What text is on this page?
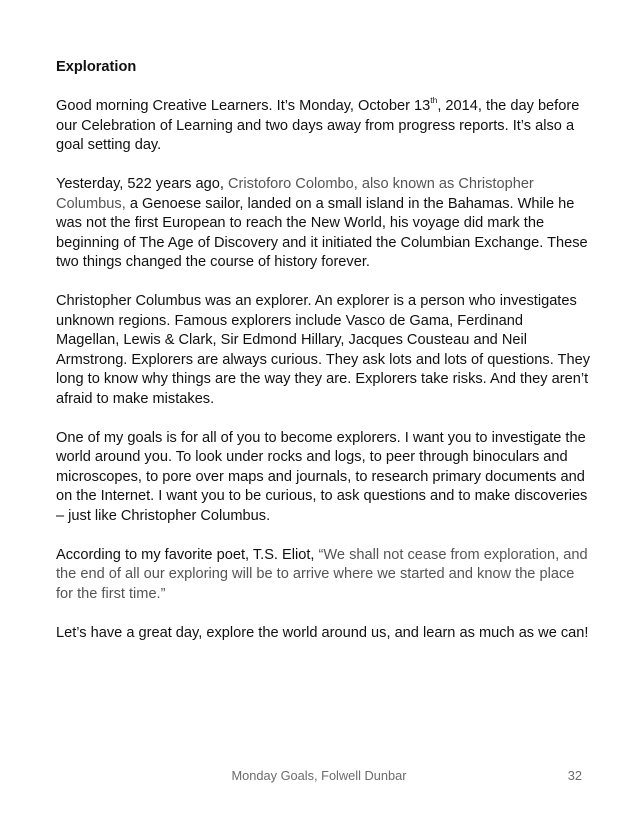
Exploration

Good morning Creative Learners. It’s Monday, October 13th, 2014, the day before our Celebration of Learning and two days away from progress reports. It’s also a goal setting day.

Yesterday, 522 years ago, Cristoforo Colombo, also known as Christopher Columbus, a Genoese sailor, landed on a small island in the Bahamas. While he was not the first European to reach the New World, his voyage did mark the beginning of The Age of Discovery and it initiated the Columbian Exchange. These two things changed the course of history forever.

Christopher Columbus was an explorer. An explorer is a person who investigates unknown regions. Famous explorers include Vasco de Gama, Ferdinand Magellan, Lewis & Clark, Sir Edmond Hillary, Jacques Cousteau and Neil Armstrong. Explorers are always curious. They ask lots and lots of questions. They long to know why things are the way they are. Explorers take risks. And they aren’t afraid to make mistakes.

One of my goals is for all of you to become explorers. I want you to investigate the world around you. To look under rocks and logs, to peer through binoculars and microscopes, to pore over maps and journals, to research primary documents and on the Internet. I want you to be curious, to ask questions and to make discoveries – just like Christopher Columbus.

According to my favorite poet, T.S. Eliot, “We shall not cease from exploration, and the end of all our exploring will be to arrive where we started and know the place for the first time.”

Let’s have a great day, explore the world around us, and learn as much as we can!

Monday Goals, Folwell Dunbar	32
